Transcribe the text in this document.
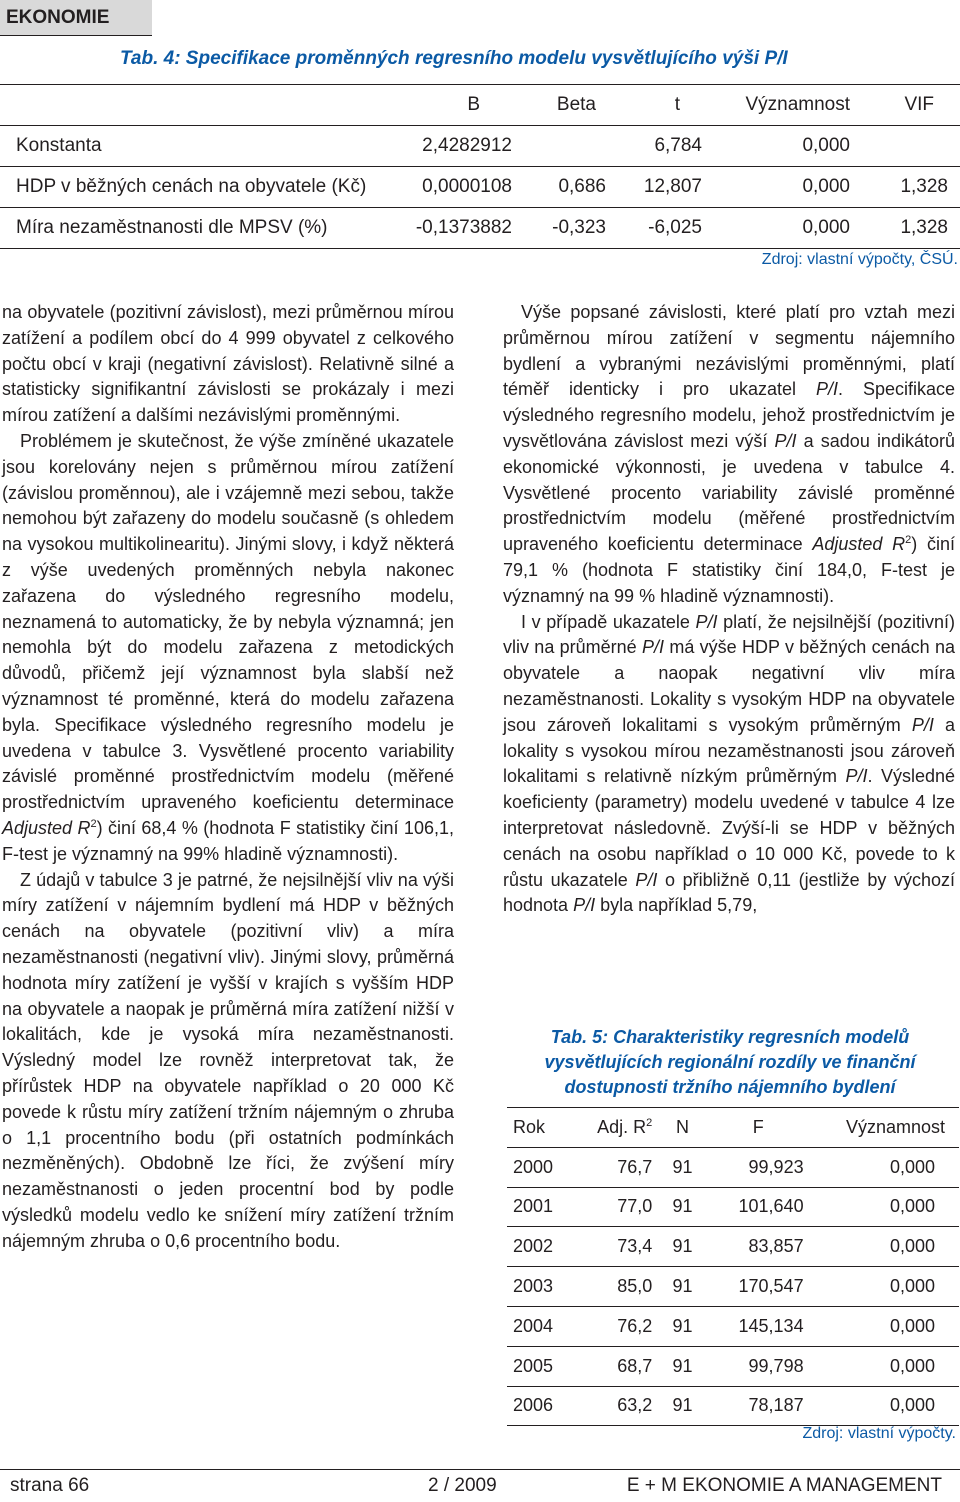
EKONOMIE
Tab. 4: Specifikace proměnných regresního modelu vysvětlujícího výši P/I
	B	Beta	t	Významnost	VIF
Konstanta	2,4282912		6,784	0,000	
HDP v běžných cenách na obyvatele (Kč)	0,0000108	0,686	12,807	0,000	1,328
Míra nezaměstnanosti dle MPSV (%)	-0,1373882	-0,323	-6,025	0,000	1,328
Zdroj: vlastní výpočty, ČSÚ.

na obyvatele (pozitivní závislost), mezi průměrnou mírou zatížení a podílem obcí do 4 999 obyvatel z celkového počtu obcí v kraji (negativní závislost). Relativně silné a statisticky signifikantní závislosti se prokázaly i mezi mírou zatížení a dalšími nezávislými proměnnými.

Problémem je skutečnost, že výše zmíněné ukazatele jsou korelovány nejen s průměrnou mírou zatížení (závislou proměnnou), ale i vzájemně mezi sebou, takže nemohou být zařazeny do modelu současně (s ohledem na vysokou multikolinearitu). Jinými slovy, i když některá z výše uvedených proměnných nebyla nakonec zařazena do výsledného regresního modelu, neznamená to automaticky, že by nebyla významná; jen nemohla být do modelu zařazena z metodických důvodů, přičemž její významnost byla slabší než významnost té proměnné, která do modelu zařazena byla. Specifikace výsledného regresního modelu je uvedena v tabulce 3. Vysvětlené procento variability závislé proměnné prostřednictvím modelu (měřené prostřednictvím upraveného koeficientu determinace Adjusted $R^2$) činí 68,4 % (hodnota F statistiky činí 106,1, F-test je významný na 99% hladině významnosti).

Z údajů v tabulce 3 je patrné, že nejsilnější vliv na výši míry zatížení v nájemním bydlení má HDP v běžných cenách na obyvatele (pozitivní vliv) a míra nezaměstnanosti (negativní vliv). Jinými slovy, průměrná hodnota míry zatížení je vyšší v krajích s vyšším HDP na obyvatele a naopak je průměrná míra zatížení nižší v lokalitách, kde je vysoká míra nezaměstnanosti. Výsledný model lze rovněž interpretovat tak, že přírůstek HDP na obyvatele například o 20 000 Kč povede k růstu míry zatížení tržním nájemným o zhruba o 1,1 procentního bodu (při ostatních podmínkách nezměněných). Obdobně lze říci, že zvýšení míry nezaměstnanosti o jeden procentní bod by podle výsledků modelu vedlo ke snížení míry zatížení tržním nájemným zhruba o 0,6 procentního bodu.

Výše popsané závislosti, které platí pro vztah mezi průměrnou mírou zatížení v segmentu nájemního bydlení a vybranými nezávislými proměnnými, platí téměř identicky i pro ukazatel P/I. Specifikace výsledného regresního modelu, jehož prostřednictvím je vysvětlována závislost mezi výší P/I a sadou indikátorů ekonomické výkonnosti, je uvedena v tabulce 4. Vysvětlené procento variability závislé proměnné prostřednictvím modelu (měřené prostřednictvím upraveného koeficientu determinace Adjusted $R^2$) činí 79,1 % (hodnota F statistiky činí 184,0, F-test je významný na 99 % hladině významnosti).

I v případě ukazatele P/I platí, že nejsilnější (pozitivní) vliv na průměrné P/I má výše HDP v běžných cenách na obyvatele a naopak negativní vliv míra nezaměstnanosti. Lokality s vysokým HDP na obyvatele jsou zároveň lokalitami s vysokým průměrným P/I a lokality s vysokou mírou nezaměstnanosti jsou zároveň lokalitami s relativně nízkým průměrným P/I. Výsledné koeficienty (parametry) modelu uvedené v tabulce 4 lze interpretovat následovně. Zvýší-li se HDP v běžných cenách na osobu například o 10 000 Kč, povede to k růstu ukazatele P/I o přibližně 0,11 (jestliže by výchozí hodnota P/I byla například 5,79,

Tab. 5: Charakteristiky regresních modelů vysvětlujících regionální rozdíly ve finanční dostupnosti tržního nájemního bydlení
Rok	Adj. $R^2$	N	F	Významnost
2000	76,7	91	99,923	0,000
2001	77,0	91	101,640	0,000
2002	73,4	91	83,857	0,000
2003	85,0	91	170,547	0,000
2004	76,2	91	145,134	0,000
2005	68,7	91	99,798	0,000
2006	63,2	91	78,187	0,000
Zdroj: vlastní výpočty.
strana 66	2 / 2009	E + M EKONOMIE A MANAGEMENT
